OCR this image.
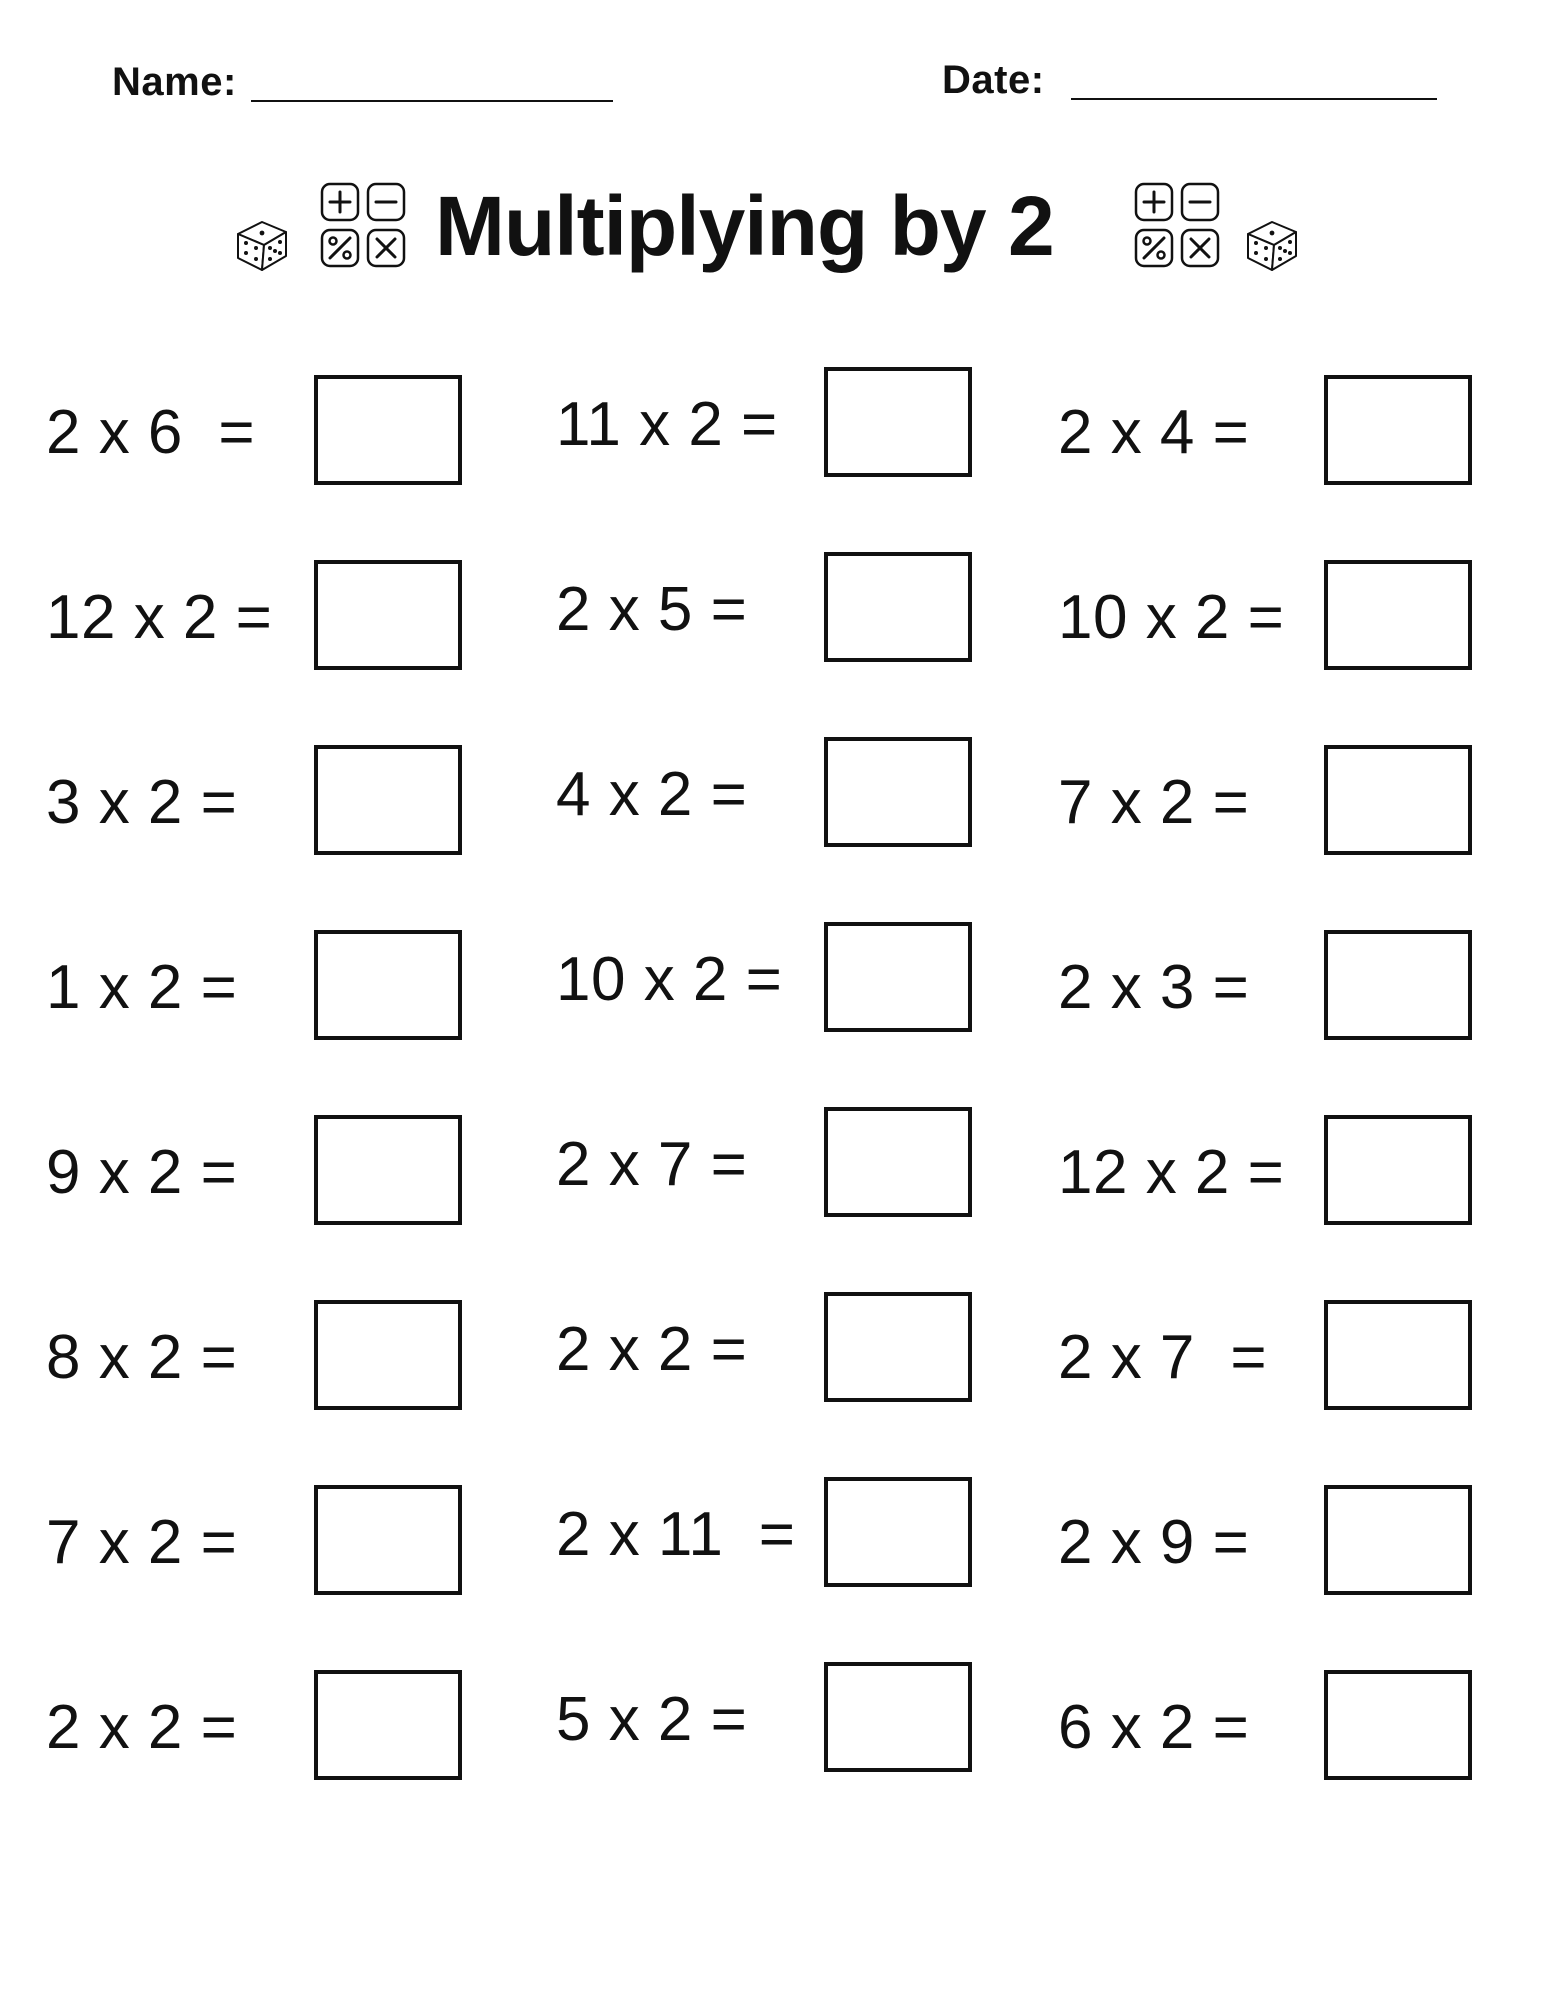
Name:	Date:
Multiplying by 2
2 x 6  =	11 x 2 =	2 x 4 =
12 x 2 =	2 x 5 =	10 x 2 =
3 x 2 =	4 x 2 =	7 x 2 =
1 x 2 =	10 x 2 =	2 x 3 =
9 x 2 =	2 x 7 =	12 x 2 =
8 x 2 =	2 x 2 =	2 x 7  =
7 x 2 =	2 x 11  =	2 x 9 =
2 x 2 =	5 x 2 =	6 x 2 =
